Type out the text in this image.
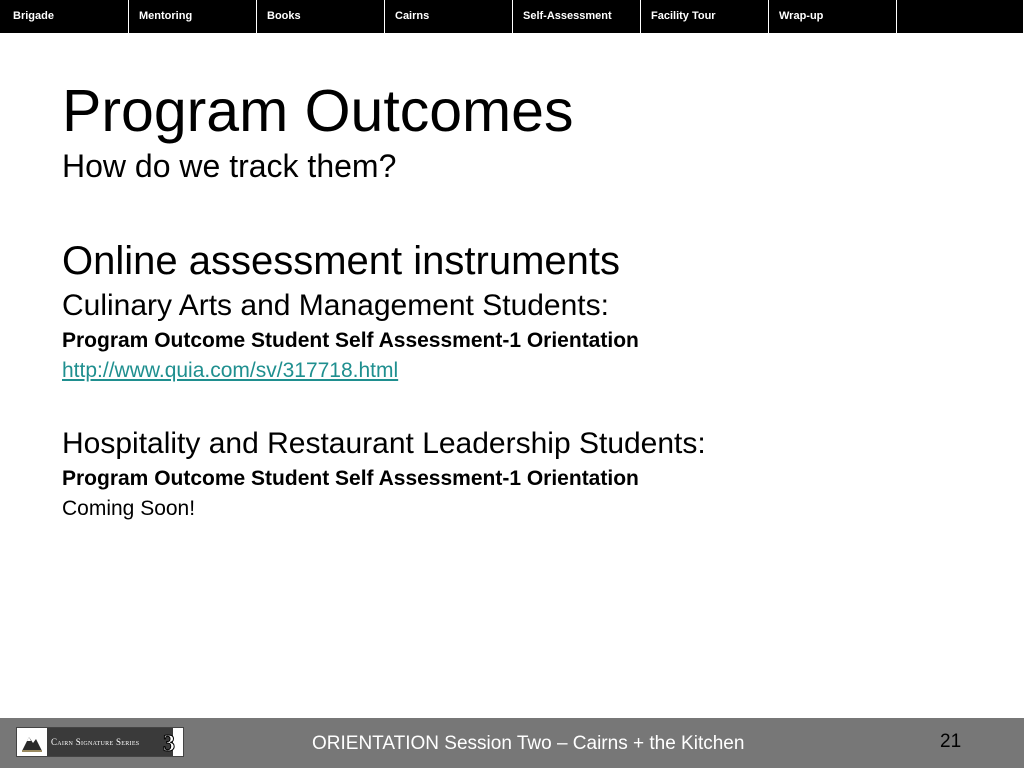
Brigade	Mentoring	Books	Cairns	Self-Assessment	Facility Tour	Wrap-up
Program Outcomes
How do we track them?
Online assessment instruments
Culinary Arts and Management Students:
Program Outcome Student Self Assessment-1 Orientation
http://www.quia.com/sv/317718.html
Hospitality and Restaurant Leadership Students:
Program Outcome Student Self Assessment-1 Orientation
Coming Soon!
Cairn Signature Series 3	ORIENTATION Session Two – Cairns + the Kitchen	21
